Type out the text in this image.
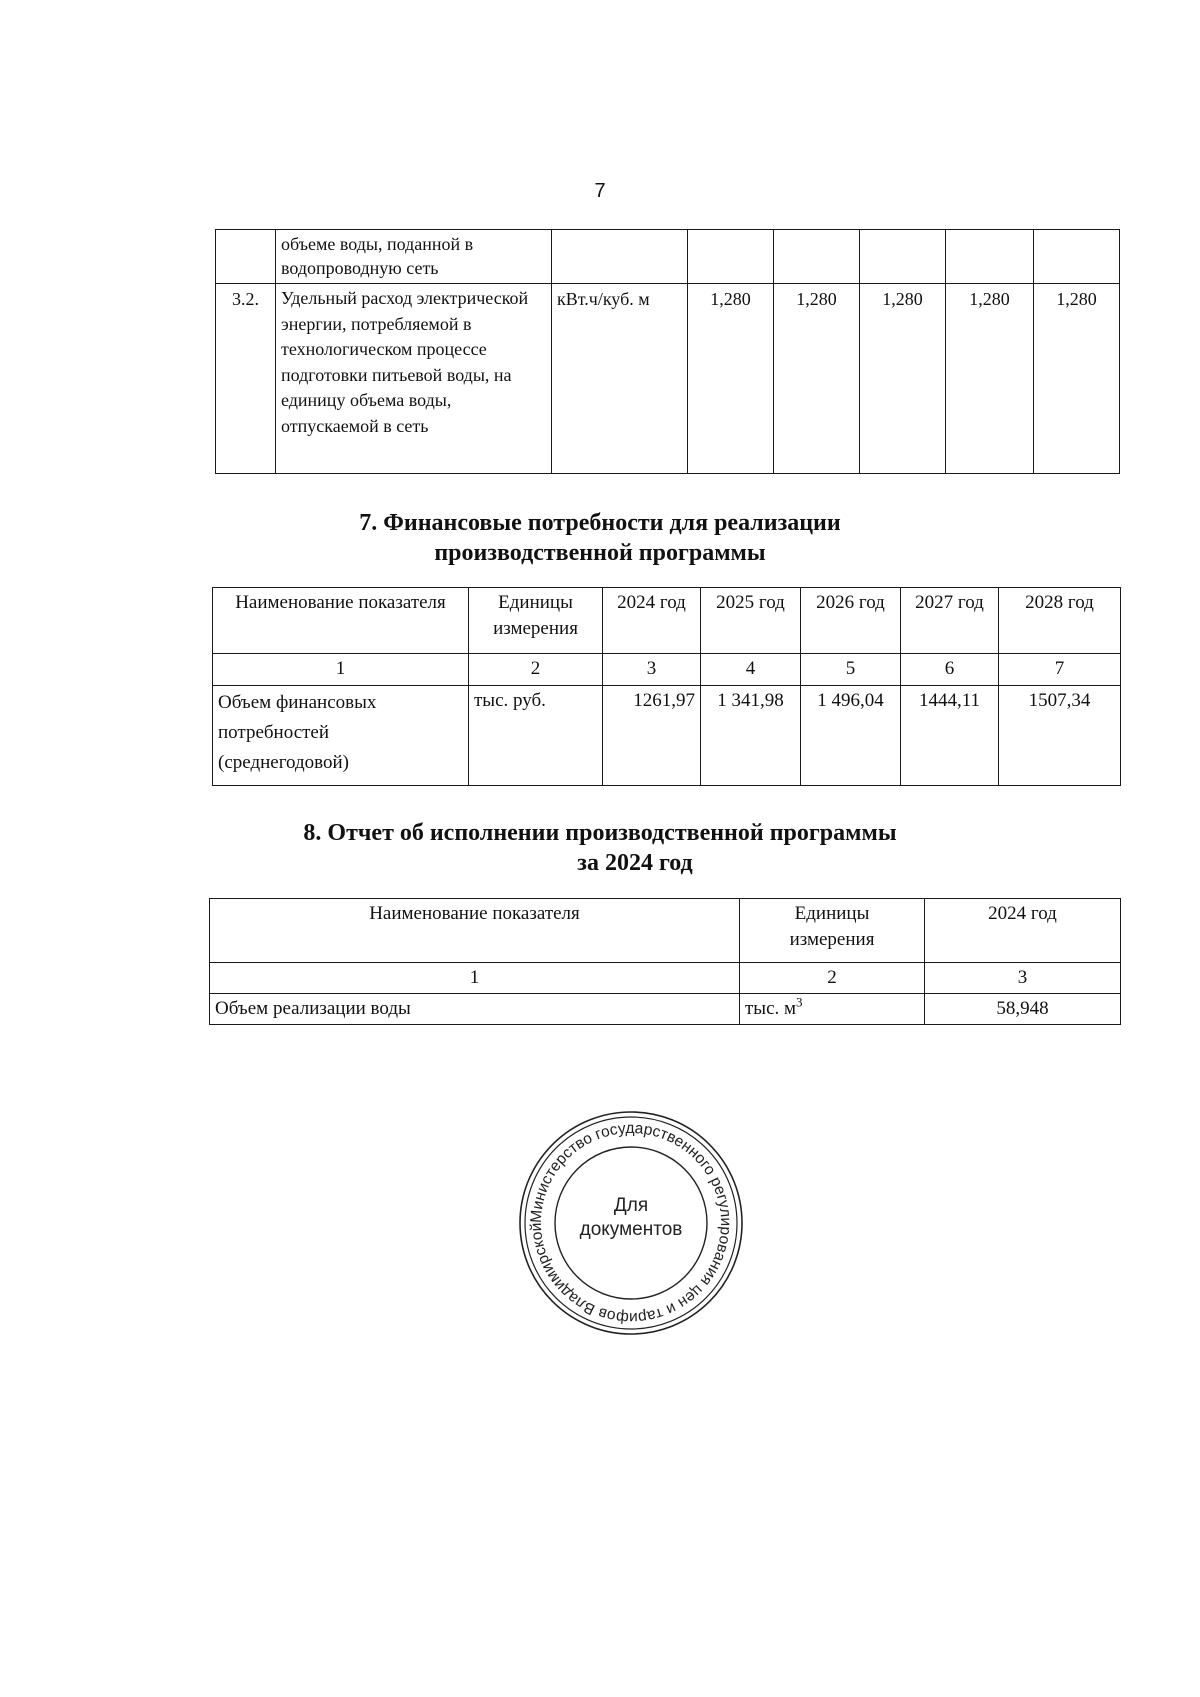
7
	объеме воды, поданной в водопроводную сеть						
3.2.	Удельный расход электрической энергии, потребляемой в технологическом процессе подготовки питьевой воды, на единицу объема воды, отпускаемой в сеть	кВт.ч/куб. м	1,280	1,280	1,280	1,280	1,280
7. Финансовые потребности для реализации
производственной программы
Наименование показателя	Единицы измерения	2024 год	2025 год	2026 год	2027 год	2028 год
1	2	3	4	5	6	7
Объем финансовых потребностей (среднегодовой)	тыс. руб.	1261,97	1 341,98	1 496,04	1444,11	1507,34
8. Отчет об исполнении производственной программы
за 2024 год
Наименование показателя	Единицы измерения	2024 год
1	2	3
Объем реализации воды	тыс. $м^3$	58,948
Министерство государственного регулирования цен и тарифов Владимирской
Для
документов
